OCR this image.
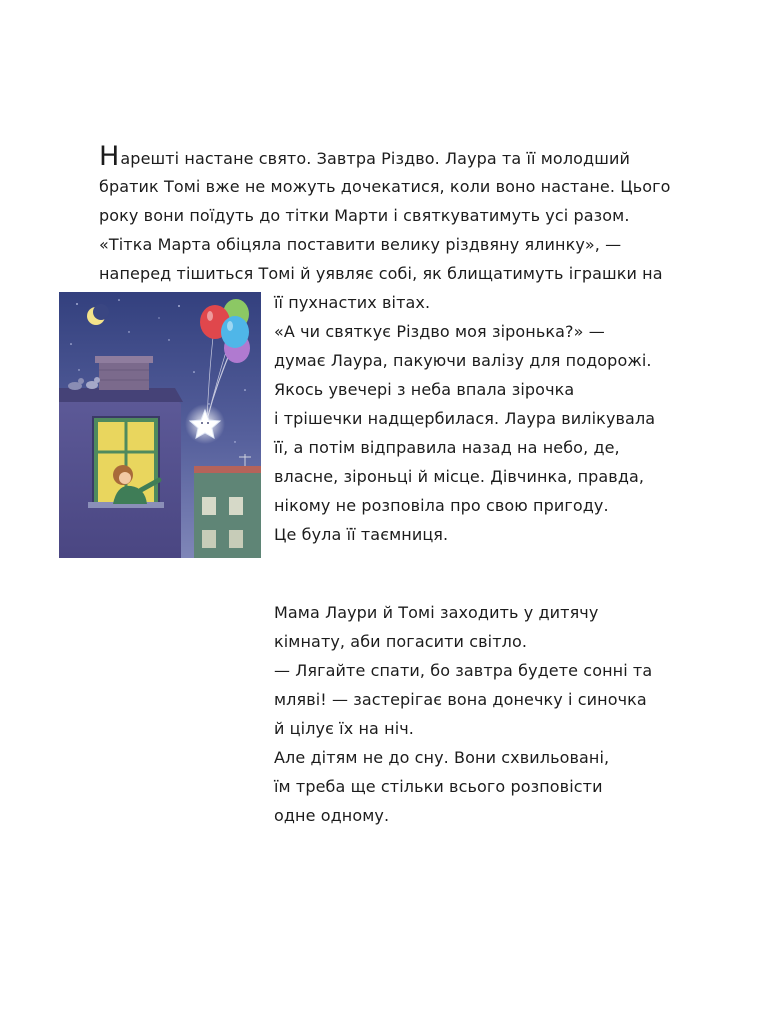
Нарешті настане свято. Завтра Різдво. Лаура та її молодший
братик Томі вже не можуть дочекатися, коли воно настане. Цього
року вони поїдуть до тітки Марти і святкуватимуть усі разом.
«Тітка Марта обіцяла поставити велику різдвяну ялинку», —
наперед тішиться Томі й уявляє собі, як блищатимуть іграшки на
її пухнастих вітах.
«А чи святкує Різдво моя зіронька?» —
думає Лаура, пакуючи валізу для подорожі.
Якось увечері з неба впала зірочка
і трішечки надщербилася. Лаура вилікувала
її, а потім відправила назад на небо, де,
власне, зіроньці й місце. Дівчинка, правда,
нікому не розповіла про свою пригоду.
Це була її таємниця.
Мама Лаури й Томі заходить у дитячу
кімнату, аби погасити світло.
— Лягайте спати, бо завтра будете сонні та
мляві! — застерігає вона донечку і синочка
й цілує їх на ніч.
Але дітям не до сну. Вони схвильовані,
їм треба ще стільки всього розповісти
одне одному.
